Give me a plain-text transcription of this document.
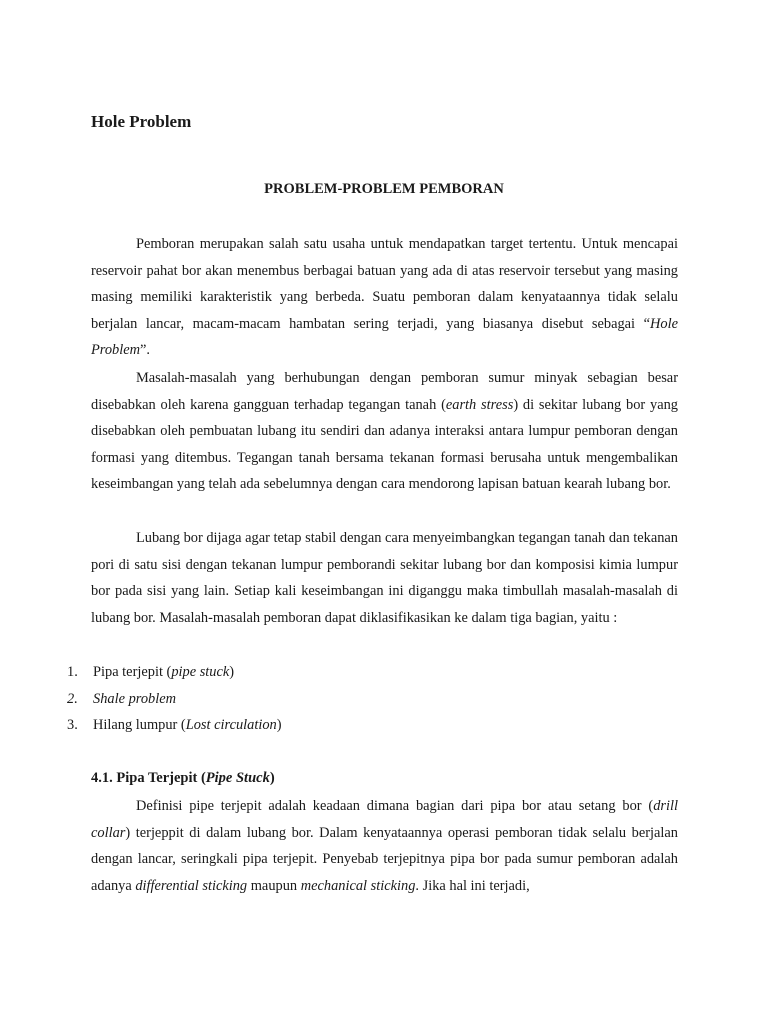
Hole Problem
PROBLEM-PROBLEM PEMBORAN

Pemboran merupakan salah satu usaha untuk mendapatkan target tertentu. Untuk mencapai reservoir pahat bor akan menembus berbagai batuan yang ada di atas reservoir tersebut yang masing masing memiliki karakteristik yang berbeda. Suatu pemboran dalam kenyataannya tidak selalu berjalan lancar, macam-macam hambatan sering terjadi, yang biasanya disebut sebagai “Hole Problem”.

Masalah-masalah yang berhubungan dengan pemboran sumur minyak sebagian besar disebabkan oleh karena gangguan terhadap tegangan tanah (earth stress) di sekitar lubang bor yang disebabkan oleh pembuatan lubang itu sendiri dan adanya interaksi antara lumpur pemboran dengan formasi yang ditembus. Tegangan tanah bersama tekanan formasi berusaha untuk mengembalikan keseimbangan yang telah ada sebelumnya dengan cara mendorong lapisan batuan kearah lubang bor.

Lubang bor dijaga agar tetap stabil dengan cara menyeimbangkan tegangan tanah dan tekanan pori di satu sisi dengan tekanan lumpur pemborandi sekitar lubang bor dan komposisi kimia lumpur bor pada sisi yang lain. Setiap kali keseimbangan ini diganggu maka timbullah masalah-masalah di lubang bor. Masalah-masalah pemboran dapat diklasifikasikan ke dalam tiga bagian, yaitu :

1. Pipa terjepit (pipe stuck)
2. Shale problem
3. Hilang lumpur (Lost circulation)
4.1. Pipa Terjepit (Pipe Stuck)

Definisi pipe terjepit adalah keadaan dimana bagian dari pipa bor atau setang bor (drill collar) terjeppit di dalam lubang bor. Dalam kenyataannya operasi pemboran tidak selalu berjalan dengan lancar, seringkali pipa terjepit. Penyebab terjepitnya pipa bor pada sumur pemboran adalah adanya differential sticking maupun mechanical sticking. Jika hal ini terjadi,
